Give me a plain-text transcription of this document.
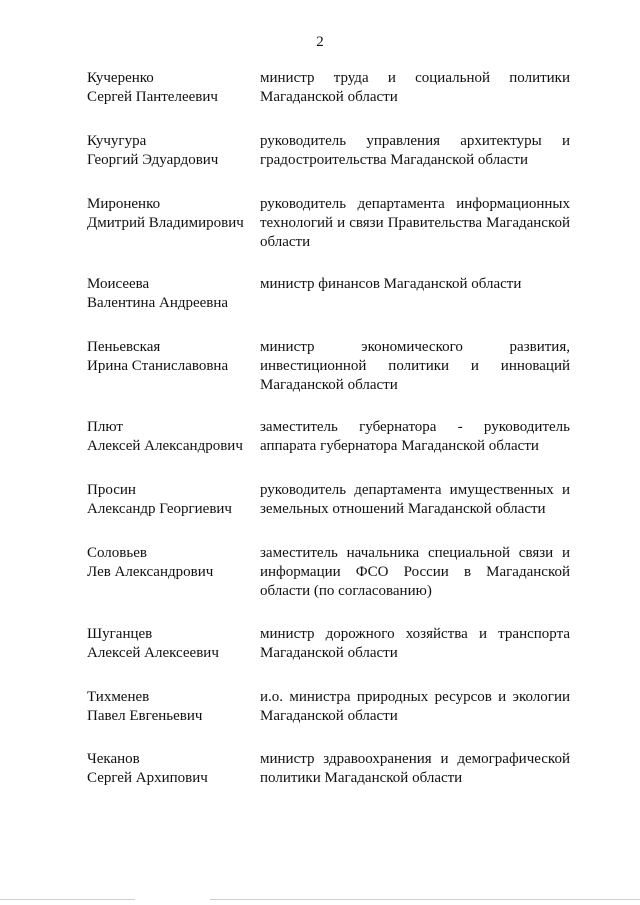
2
Кучеренко
Сергей Пантелеевич
министр труда и социальной политики Магаданской области
Кучугура
Георгий Эдуардович
руководитель управления архитектуры и градостроительства Магаданской области
Мироненко
Дмитрий Владимирович
руководитель департамента информационных технологий и связи Правительства Магаданской области
Моисеева
Валентина Андреевна
министр финансов Магаданской области
Пеньевская
Ирина Станиславовна
министр экономического развития, инвестиционной политики и инноваций Магаданской области
Плют
Алексей Александрович
заместитель губернатора - руководитель аппарата губернатора Магаданской области
Просин
Александр Георгиевич
руководитель департамента имущественных и земельных отношений Магаданской области
Соловьев
Лев Александрович
заместитель начальника специальной связи и информации ФСО России в Магаданской области (по согласованию)
Шуганцев
Алексей Алексеевич
министр дорожного хозяйства и транспорта Магаданской области
Тихменев
Павел Евгеньевич
и.о. министра природных ресурсов и экологии Магаданской области
Чеканов
Сергей Архипович
министр здравоохранения и демографической политики Магаданской области
